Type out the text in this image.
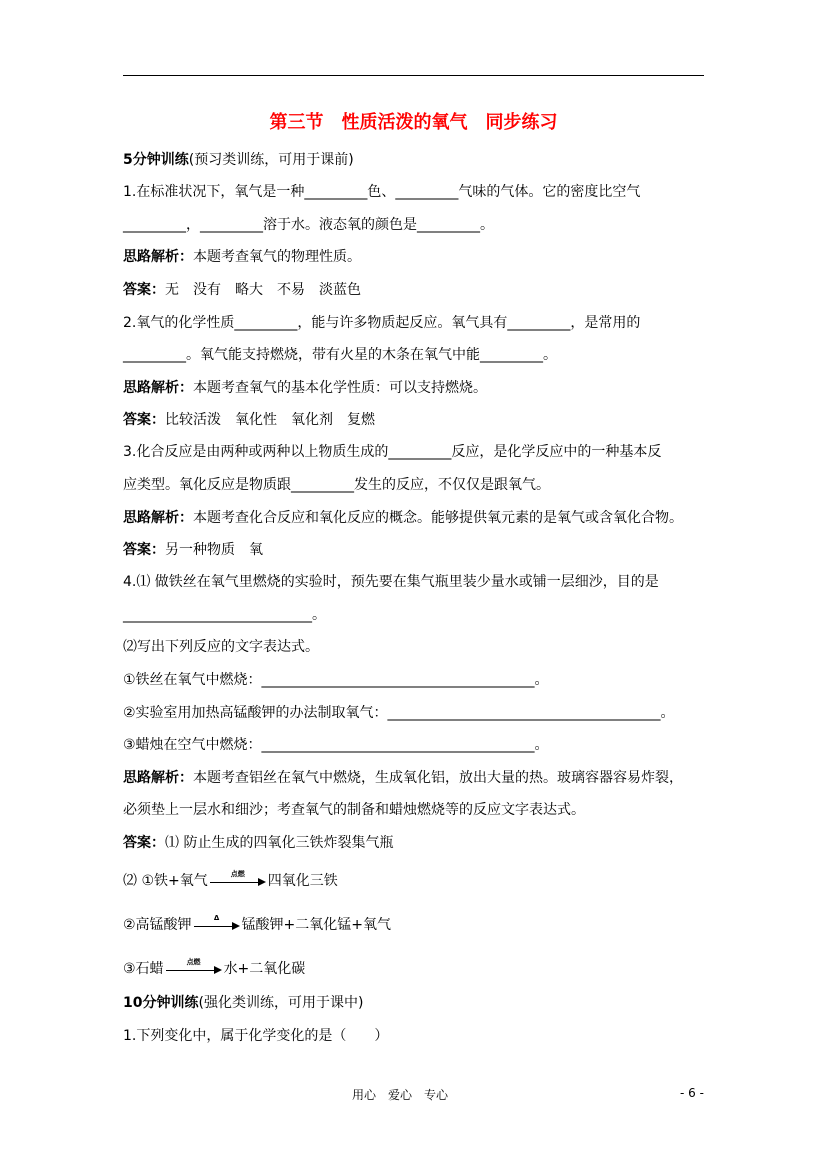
第三节　性质活泼的氧气　同步练习
5分钟训练(预习类训练，可用于课前)
1.在标准状况下，氧气是一种_________色、_________气味的气体。它的密度比空气
_________，_________溶于水。液态氧的颜色是_________。
思路解析：本题考查氧气的物理性质。
答案：无　没有　略大　不易　淡蓝色
2.氧气的化学性质_________，能与许多物质起反应。氧气具有_________，是常用的
_________。氧气能支持燃烧，带有火星的木条在氧气中能_________。
思路解析：本题考查氧气的基本化学性质：可以支持燃烧。
答案：比较活泼　氧化性　氧化剂　复燃
3.化合反应是由两种或两种以上物质生成的_________反应，是化学反应中的一种基本反
应类型。氧化反应是物质跟_________发生的反应，不仅仅是跟氧气。
思路解析：本题考查化合反应和氧化反应的概念。能够提供氧元素的是氧气或含氧化合物。
答案：另一种物质　氧
4.⑴ 做铁丝在氧气里燃烧的实验时，预先要在集气瓶里装少量水或铺一层细沙，目的是
___________________________。
⑵写出下列反应的文字表达式。
①铁丝在氧气中燃烧：_______________________________________。
②实验室用加热高锰酸钾的办法制取氧气：_______________________________________。
③蜡烛在空气中燃烧：_______________________________________。
思路解析：本题考查铝丝在氧气中燃烧，生成氧化铝，放出大量的热。玻璃容器容易炸裂，
必须垫上一层水和细沙；考查氧气的制备和蜡烛燃烧等的反应文字表达式。
答案：⑴ 防止生成的四氧化三铁炸裂集气瓶
⑵ ①铁+氧气	点燃	四氧化三铁
②高锰酸钾	Δ	锰酸钾+二氧化锰+氧气
③石蜡	点燃	水+二氧化碳
10分钟训练(强化类训练，可用于课中)
1.下列变化中，属于化学变化的是（　　）
用心　爱心　专心	- 6 -
